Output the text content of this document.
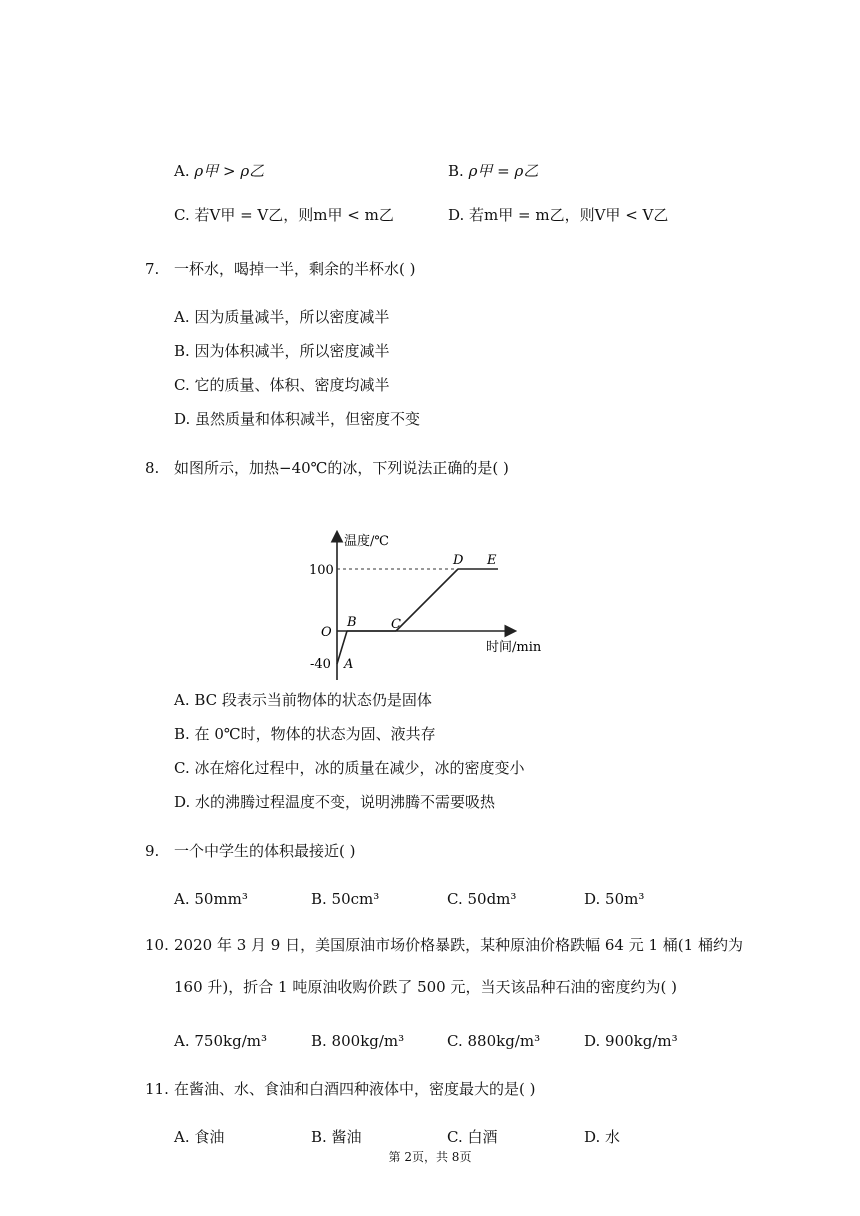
A. ρ甲 > ρ乙	B. ρ甲 = ρ乙
C. 若V甲 = V乙，则m甲 < m乙	D. 若m甲 = m乙，则V甲 < V乙
7. 一杯水，喝掉一半，剩余的半杯水( )
A. 因为质量减半，所以密度减半
B. 因为体积减半，所以密度减半
C. 它的质量、体积、密度均减半
D. 虽然质量和体积减半，但密度不变
8. 如图所示，加热−40℃的冰，下列说法正确的是( )
温度/℃
时间/min
100
O
-40 A
B	C
D E
A. BC 段表示当前物体的状态仍是固体
B. 在 0℃时，物体的状态为固、液共存
C. 冰在熔化过程中，冰的质量在减少，冰的密度变小
D. 水的沸腾过程温度不变，说明沸腾不需要吸热
9. 一个中学生的体积最接近( )
A. 50mm³	B. 50cm³	C. 50dm³	D. 50m³
10. 2020 年 3 月 9 日，美国原油市场价格暴跌，某种原油价格跌幅 64 元 1 桶(1 桶约为
160 升)，折合 1 吨原油收购价跌了 500 元，当天该品种石油的密度约为( )
A. 750kg/m³	B. 800kg/m³	C. 880kg/m³	D. 900kg/m³
11. 在酱油、水、食油和白酒四种液体中，密度最大的是( )
A. 食油	B. 酱油	C. 白酒	D. 水
第 2页，共 8页
